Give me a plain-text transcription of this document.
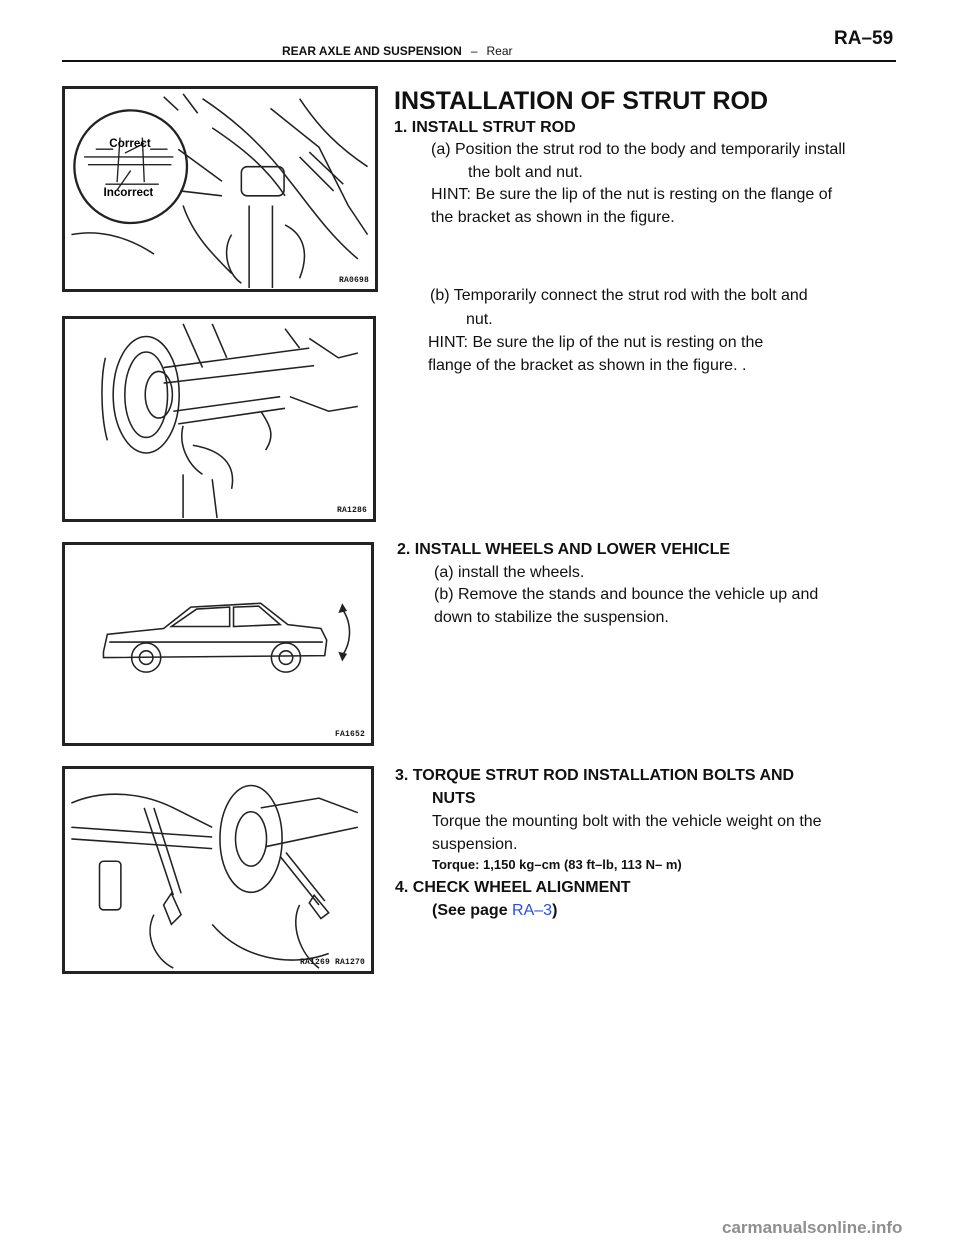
REAR AXLE AND SUSPENSION – Rear
RA–59
Correct
Incorrect
RA0698
RA1286
FA1652
RA1269 RA1270
INSTALLATION OF STRUT ROD
1. INSTALL STRUT ROD
(a) Position the strut rod to the body and temporarily install
the bolt and nut.
HINT: Be sure the lip of the nut is resting on the flange of
the bracket as shown in the figure.
(b) Temporarily connect the strut rod with the bolt and
nut.
HINT: Be sure the lip of the nut is resting on the
flange of the bracket as shown in the figure. .
2. INSTALL WHEELS AND LOWER VEHICLE
(a) install the wheels.
(b) Remove the stands and bounce the vehicle up and
down to stabilize the suspension.
3. TORQUE STRUT ROD INSTALLATION BOLTS AND
NUTS
Torque the mounting bolt with the vehicle weight on the
suspension.
Torque: 1,150 kg–cm (83 ft–lb, 113 N– m)
4. CHECK WHEEL ALIGNMENT
(See page RA–3)
carmanualsonline.info
